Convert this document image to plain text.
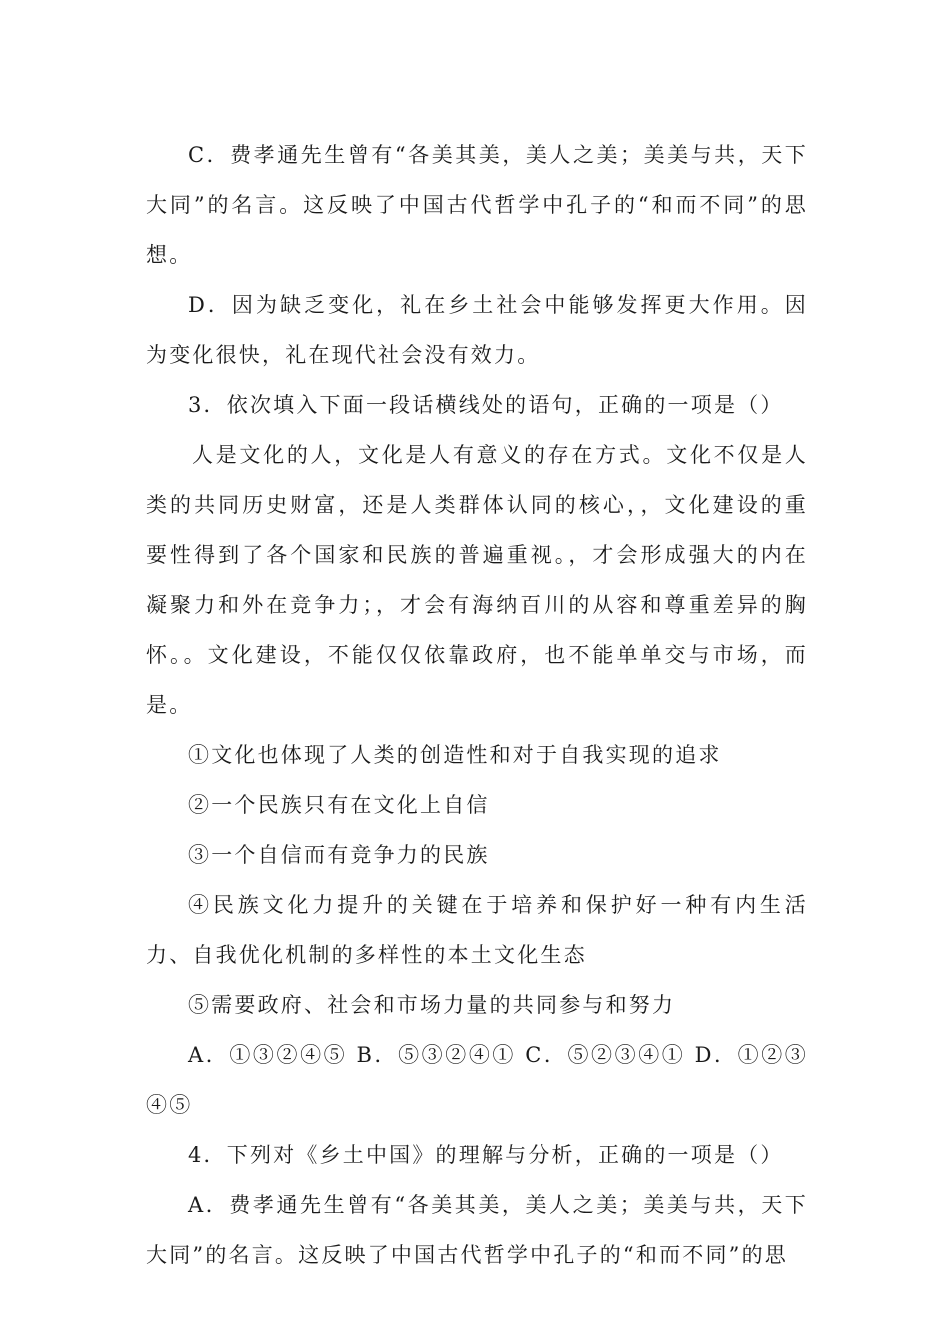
C．费孝通先生曾有“各美其美，美人之美；美美与共，天下大同”的名言。这反映了中国古代哲学中孔子的“和而不同”的思想。

D．因为缺乏变化，礼在乡土社会中能够发挥更大作用。因为变化很快，礼在现代社会没有效力。

3．依次填入下面一段话横线处的语句，正确的一项是（）

人是文化的人，文化是人有意义的存在方式。文化不仅是人类的共同历史财富，还是人类群体认同的核心，，文化建设的重要性得到了各个国家和民族的普遍重视。，才会形成强大的内在凝聚力和外在竞争力；，才会有海纳百川的从容和尊重差异的胸怀。。文化建设，不能仅仅依靠政府，也不能单单交与市场，而是。

①文化也体现了人类的创造性和对于自我实现的追求

②一个民族只有在文化上自信

③一个自信而有竞争力的民族

④民族文化力提升的关键在于培养和保护好一种有内生活力、自我优化机制的多样性的本土文化生态

⑤需要政府、社会和市场力量的共同参与和努力

A．①③②④⑤ B．⑤③②④① C．⑤②③④① D．①②③④⑤

4．下列对《乡土中国》的理解与分析，正确的一项是（）

A．费孝通先生曾有“各美其美，美人之美；美美与共，天下大同”的名言。这反映了中国古代哲学中孔子的“和而不同”的思
